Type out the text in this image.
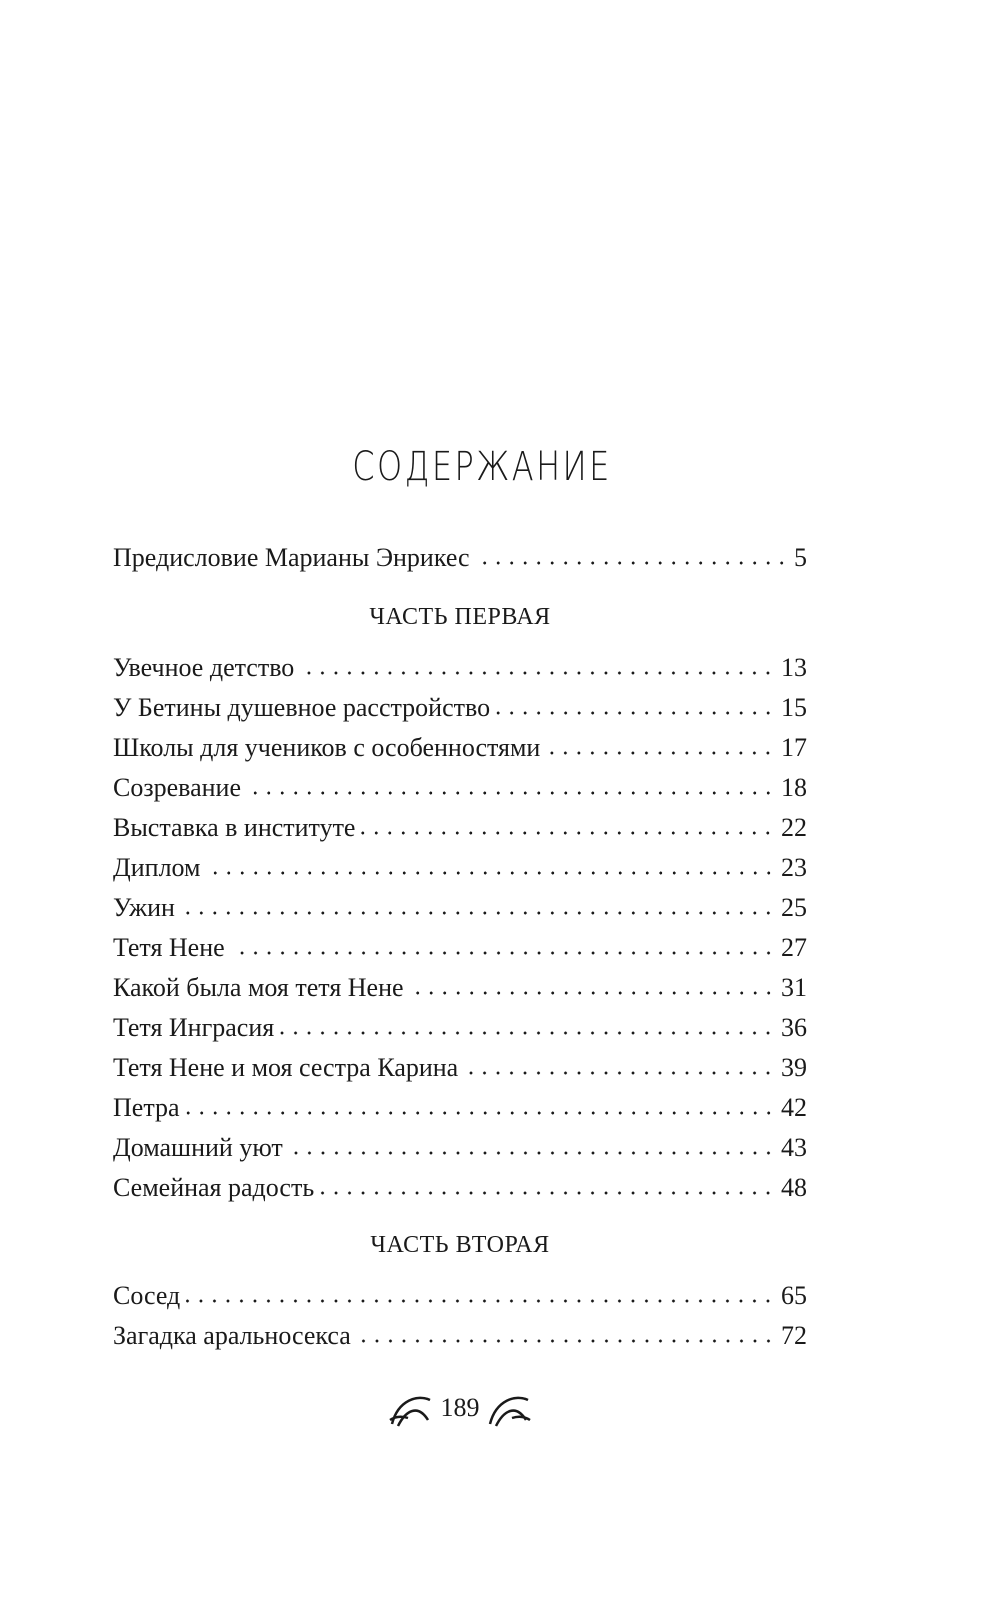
СОДЕРЖАНИЕ
Предисловие Марианы Энрикес	5
ЧАСТЬ ПЕРВАЯ
Увечное детство	13
У Бетины душевное расстройство	15
Школы для учеников с особенностями	17
Созревание	18
Выставка в институте	22
Диплом	23
Ужин	25
Тетя Нене	27
Какой была моя тетя Нене	31
Тетя Ингрaсия	36
Тетя Нене и моя сестра Карина	39
Петра	42
Домашний уют	43
Семейная радость	48
ЧАСТЬ ВТОРАЯ
Сосед	65
Загадка аральносекса	72
189
